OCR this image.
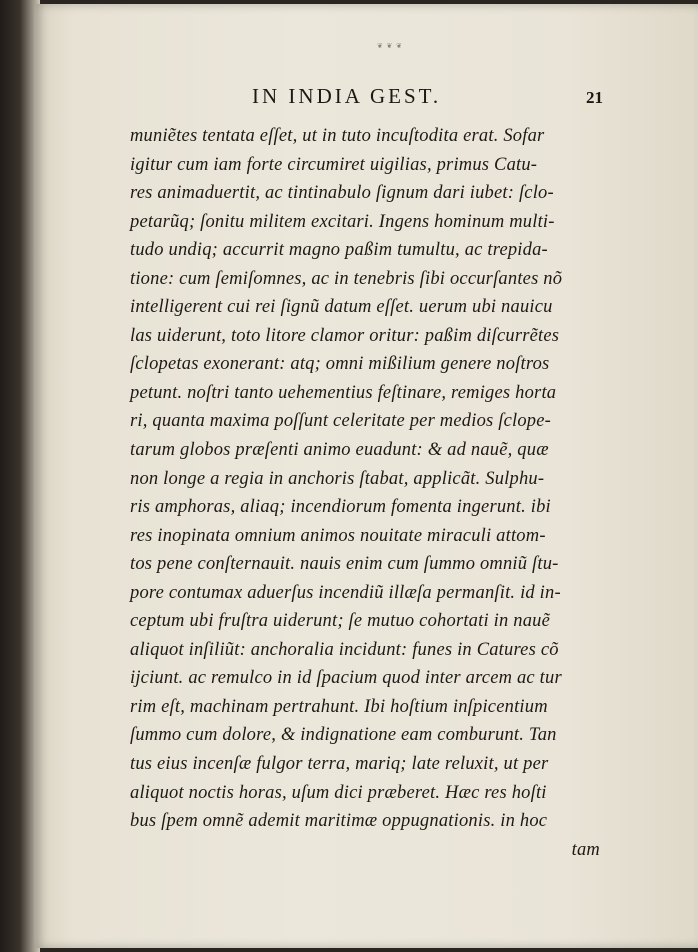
❦ ❦ ❦
IN INDIA GEST.	21
muniẽtes tentata eſſet, ut in tuto incuſtodita erat. Sofar
igitur cum iam forte circumiret uigilias, primus Catu-
res animaduertit, ac tintinabulo ſignum dari iubet: ſclo-
petarũq; ſonitu militem excitari. Ingens hominum multi-
tudo undiq; accurrit magno paßim tumultu, ac trepida-
tione: cum ſemiſomnes, ac in tenebris ſibi occurſantes nõ
intelligerent cui rei ſignũ datum eſſet. uerum ubi nauicu
las uiderunt, toto litore clamor oritur: paßim diſcurrẽtes
ſclopetas exonerant: atq; omni mißilium genere noſtros
petunt. noſtri tanto uehementius feſtinare, remiges horta
ri, quanta maxima poſſunt celeritate per medios ſclope-
tarum globos præſenti animo euadunt: & ad nauẽ, quæ
non longe a regia in anchoris ſtabat, applicãt. Sulphu-
ris amphoras, aliaq; incendiorum fomenta ingerunt. ibi
res inopinata omnium animos nouitate miraculi attom-
tos pene conſternauit. nauis enim cum ſummo omniũ ſtu-
pore contumax aduerſus incendiũ illæſa permanſit. id in-
ceptum ubi fruſtra uiderunt; ſe mutuo cohortati in nauẽ
aliquot inſiliũt: anchoralia incidunt: funes in Catures cõ
ijciunt. ac remulco in id ſpacium quod inter arcem ac tur
rim eſt, machinam pertrahunt. Ibi hoſtium inſpicentium
ſummo cum dolore, & indignatione eam comburunt. Tan
tus eius incenſæ fulgor terra, mariq; late reluxit, ut per
aliquot noctis horas, uſum dici præberet. Hæc res hoſti
bus ſpem omnẽ ademit maritimæ oppugnationis. in hoc
tam
